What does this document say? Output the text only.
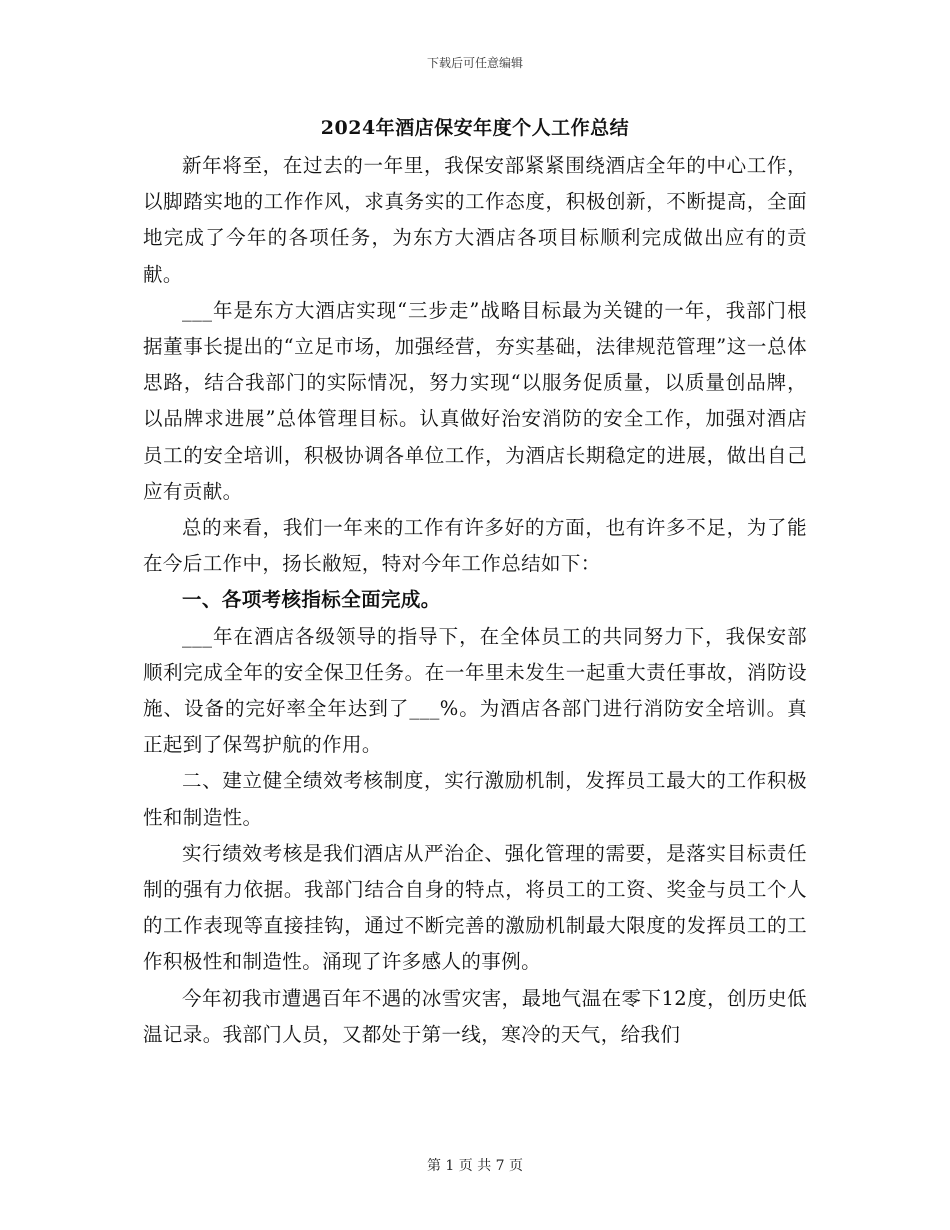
下载后可任意编辑
2024年酒店保安年度个人工作总结

新年将至，在过去的一年里，我保安部紧紧围绕酒店全年的中心工作，以脚踏实地的工作作风，求真务实的工作态度，积极创新，不断提高，全面地完成了今年的各项任务，为东方大酒店各项目标顺利完成做出应有的贡献。

___年是东方大酒店实现“三步走”战略目标最为关键的一年，我部门根据董事长提出的“立足市场，加强经营，夯实基础，法律规范管理”这一总体思路，结合我部门的实际情况，努力实现“以服务促质量，以质量创品牌，以品牌求进展”总体管理目标。认真做好治安消防的安全工作，加强对酒店员工的安全培训，积极协调各单位工作，为酒店长期稳定的进展，做出自己应有贡献。

总的来看，我们一年来的工作有许多好的方面，也有许多不足，为了能在今后工作中，扬长敝短，特对今年工作总结如下：

一、各项考核指标全面完成。

___年在酒店各级领导的指导下，在全体员工的共同努力下，我保安部顺利完成全年的安全保卫任务。在一年里未发生一起重大责任事故，消防设施、设备的完好率全年达到了___%。为酒店各部门进行消防安全培训。真正起到了保驾护航的作用。

二、建立健全绩效考核制度，实行激励机制，发挥员工最大的工作积极性和制造性。

实行绩效考核是我们酒店从严治企、强化管理的需要，是落实目标责任制的强有力依据。我部门结合自身的特点，将员工的工资、奖金与员工个人的工作表现等直接挂钩，通过不断完善的激励机制最大限度的发挥员工的工作积极性和制造性。涌现了许多感人的事例。

今年初我市遭遇百年不遇的冰雪灾害，最地气温在零下12度，创历史低温记录。我部门人员，又都处于第一线，寒冷的天气，给我们

第 1 页 共 7 页
